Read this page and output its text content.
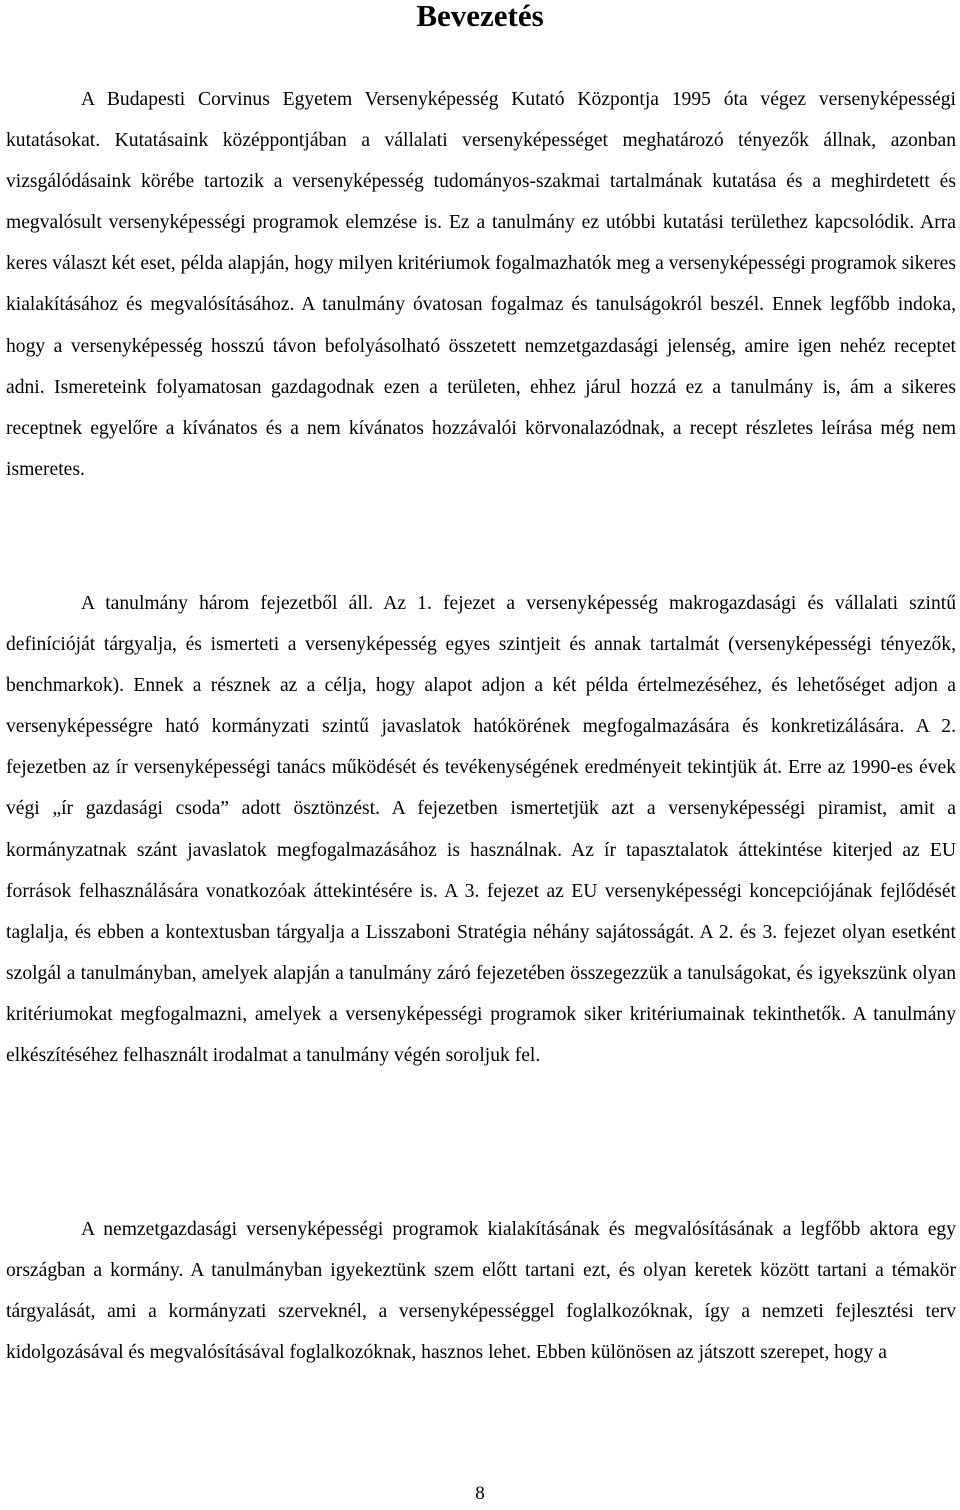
Bevezetés

A Budapesti Corvinus Egyetem Versenyképesség Kutató Központja 1995 óta végez versenyképességi kutatásokat. Kutatásaink középpontjában a vállalati versenyképességet meghatározó tényezők állnak, azonban vizsgálódásaink körébe tartozik a versenyképesség tudományos-szakmai tartalmának kutatása és a meghirdetett és megvalósult versenyképességi programok elemzése is. Ez a tanulmány ez utóbbi kutatási területhez kapcsolódik. Arra keres választ két eset, példa alapján, hogy milyen kritériumok fogalmazhatók meg a versenyképességi programok sikeres kialakításához és megvalósításához. A tanulmány óvatosan fogalmaz és tanulságokról beszél. Ennek legfőbb indoka, hogy a versenyképesség hosszú távon befolyásolható összetett nemzetgazdasági jelenség, amire igen nehéz receptet adni. Ismereteink folyamatosan gazdagodnak ezen a területen, ehhez járul hozzá ez a tanulmány is, ám a sikeres receptnek egyelőre a kívánatos és a nem kívánatos hozzávalói körvonalazódnak, a recept részletes leírása még nem ismeretes.

A tanulmány három fejezetből áll. Az 1. fejezet a versenyképesség makrogazdasági és vállalati szintű definícióját tárgyalja, és ismerteti a versenyképesség egyes szintjeit és annak tartalmát (versenyképességi tényezők, benchmarkok). Ennek a résznek az a célja, hogy alapot adjon a két példa értelmezéséhez, és lehetőséget adjon a versenyképességre ható kormányzati szintű javaslatok hatókörének megfogalmazására és konkretizálására. A 2. fejezetben az ír versenyképességi tanács működését és tevékenységének eredményeit tekintjük át. Erre az 1990-es évek végi „ír gazdasági csoda” adott ösztönzést. A fejezetben ismertetjük azt a versenyképességi piramist, amit a kormányzatnak szánt javaslatok megfogalmazásához is használnak. Az ír tapasztalatok áttekintése kiterjed az EU források felhasználására vonatkozóak áttekintésére is. A 3. fejezet az EU versenyképességi koncepciójának fejlődését taglalja, és ebben a kontextusban tárgyalja a Lisszaboni Stratégia néhány sajátosságát. A 2. és 3. fejezet olyan esetként szolgál a tanulmányban, amelyek alapján a tanulmány záró fejezetében összegezzük a tanulságokat, és igyekszünk olyan kritériumokat megfogalmazni, amelyek a versenyképességi programok siker kritériumainak tekinthetők. A tanulmány elkészítéséhez felhasznált irodalmat a tanulmány végén soroljuk fel.

A nemzetgazdasági versenyképességi programok kialakításának és megvalósításának a legfőbb aktora egy országban a kormány. A tanulmányban igyekeztünk szem előtt tartani ezt, és olyan keretek között tartani a témakör tárgyalását, ami a kormányzati szerveknél, a versenyképességgel foglalkozóknak, így a nemzeti fejlesztési terv kidolgozásával és megvalósításával foglalkozóknak, hasznos lehet. Ebben különösen az játszott szerepet, hogy a

8
